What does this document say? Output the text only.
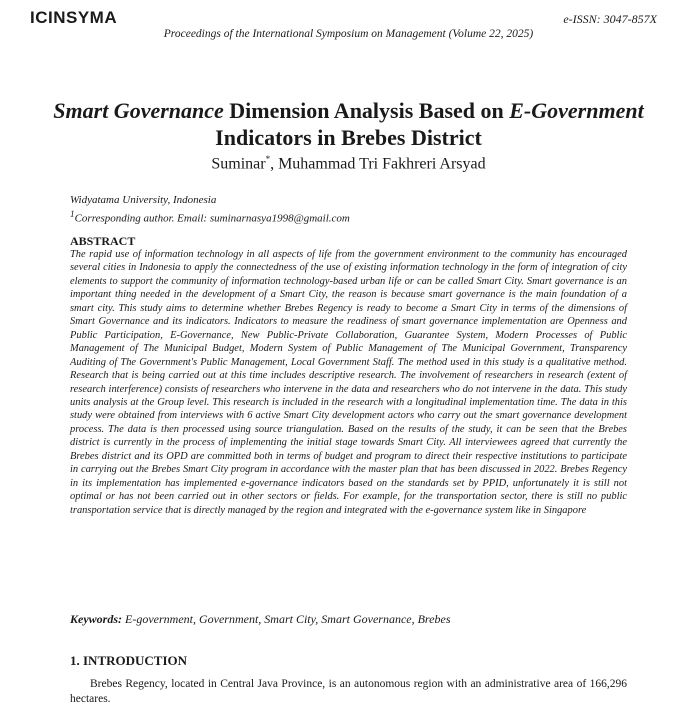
ICINSYMA	e-ISSN: 3047-857X
Proceedings of the International Symposium on Management (Volume 22, 2025)
Smart Governance Dimension Analysis Based on E-Government Indicators in Brebes District
Suminar*, Muhammad Tri Fakhreri Arsyad
Widyatama University, Indonesia
$^1$Corresponding author. Email: suminarnasya1998@gmail.com
ABSTRACT
The rapid use of information technology in all aspects of life from the government environment to the community has encouraged several cities in Indonesia to apply the connectedness of the use of existing information technology in the form of integration of city elements to support the community of information technology-based urban life or can be called Smart City. Smart governance is an important thing needed in the development of a Smart City, the reason is because smart governance is the main foundation of a smart city. This study aims to determine whether Brebes Regency is ready to become a Smart City in terms of the dimensions of Smart Governance and its indicators. Indicators to measure the readiness of smart governance implementation are Openness and Public Participation, E-Governance, New Public-Private Collaboration, Guarantee System, Modern Processes of Public Management of The Municipal Budget, Modern System of Public Management of The Municipal Government, Transparency Auditing of The Government's Public Management, Local Government Staff. The method used in this study is a qualitative method. Research that is being carried out at this time includes descriptive research. The involvement of researchers in research (extent of research interference) consists of researchers who intervene in the data and researchers who do not intervene in the data. This study units analysis at the Group level. This research is included in the research with a longitudinal implementation time. The data in this study were obtained from interviews with 6 active Smart City development actors who carry out the smart governance development process. The data is then processed using source triangulation. Based on the results of the study, it can be seen that the Brebes district is currently in the process of implementing the initial stage towards Smart City. All interviewees agreed that currently the Brebes district and its OPD are committed both in terms of budget and program to direct their respective institutions to participate in carrying out the Brebes Smart City program in accordance with the master plan that has been discussed in 2022. Brebes Regency in its implementation has implemented e-governance indicators based on the standards set by PPID, unfortunately it is still not optimal or has not been carried out in other sectors or fields. For example, for the transportation sector, there is still no public transportation service that is directly managed by the region and integrated with the e-governance system like in Singapore
Keywords: E-government, Government, Smart City, Smart Governance, Brebes
1. INTRODUCTION
Brebes Regency, located in Central Java Province, is an autonomous region with an administrative area of 166,296 hectares.
